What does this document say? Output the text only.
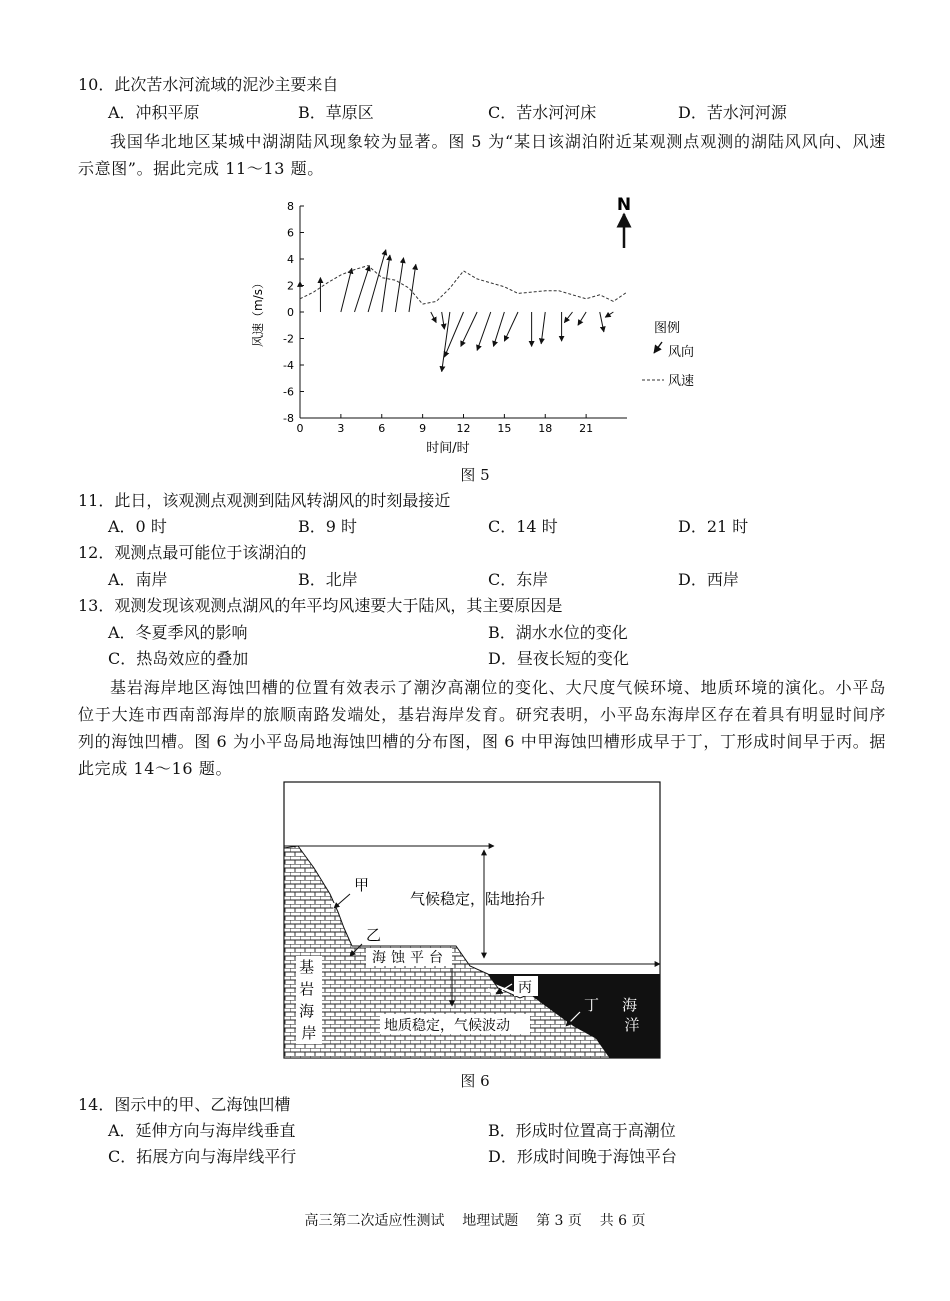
10．此次苦水河流域的泥沙主要来自
A．冲积平原	B．草原区	C．苦水河河床	D．苦水河河源
我国华北地区某城中湖湖陆风现象较为显著。图 5 为“某日该湖泊附近某观测点观测的湖陆风风向、风速示意图”。据此完成 11～13 题。
8
6
4
2
0
-2
-4
-6
-8
0	3	6	9	12 15 18 21
风速（m/s）
时间/时
N
图例
风向
风速
图 5
11．此日，该观测点观测到陆风转湖风的时刻最接近
A．0 时	B．9 时	C．14 时	D．21 时
12．观测点最可能位于该湖泊的
A．南岸	B．北岸	C．东岸	D．西岸
13．观测发现该观测点湖风的年平均风速要大于陆风，其主要原因是
A．冬夏季风的影响	B．湖水水位的变化
C．热岛效应的叠加	D．昼夜长短的变化
基岩海岸地区海蚀凹槽的位置有效表示了潮汐高潮位的变化、大尺度气候环境、地质环境的演化。小平岛位于大连市西南部海岸的旅顺南路发端处，基岩海岸发育。研究表明，小平岛东海岸区存在着具有明显时间序列的海蚀凹槽。图 6 为小平岛局地海蚀凹槽的分布图，图 6 中甲海蚀凹槽形成早于丁，丁形成时间早于丙。据此完成 14～16 题。
甲
乙
丙
丁
气候稳定，陆地抬升
海蚀平台
基 岩 海 岸
海 洋
地质稳定，气候波动
图 6
14．图示中的甲、乙海蚀凹槽
A．延伸方向与海岸线垂直	B．形成时位置高于高潮位
C．拓展方向与海岸线平行	D．形成时间晚于海蚀平台
高三第二次适应性测试    地理试题    第 3 页    共 6 页
